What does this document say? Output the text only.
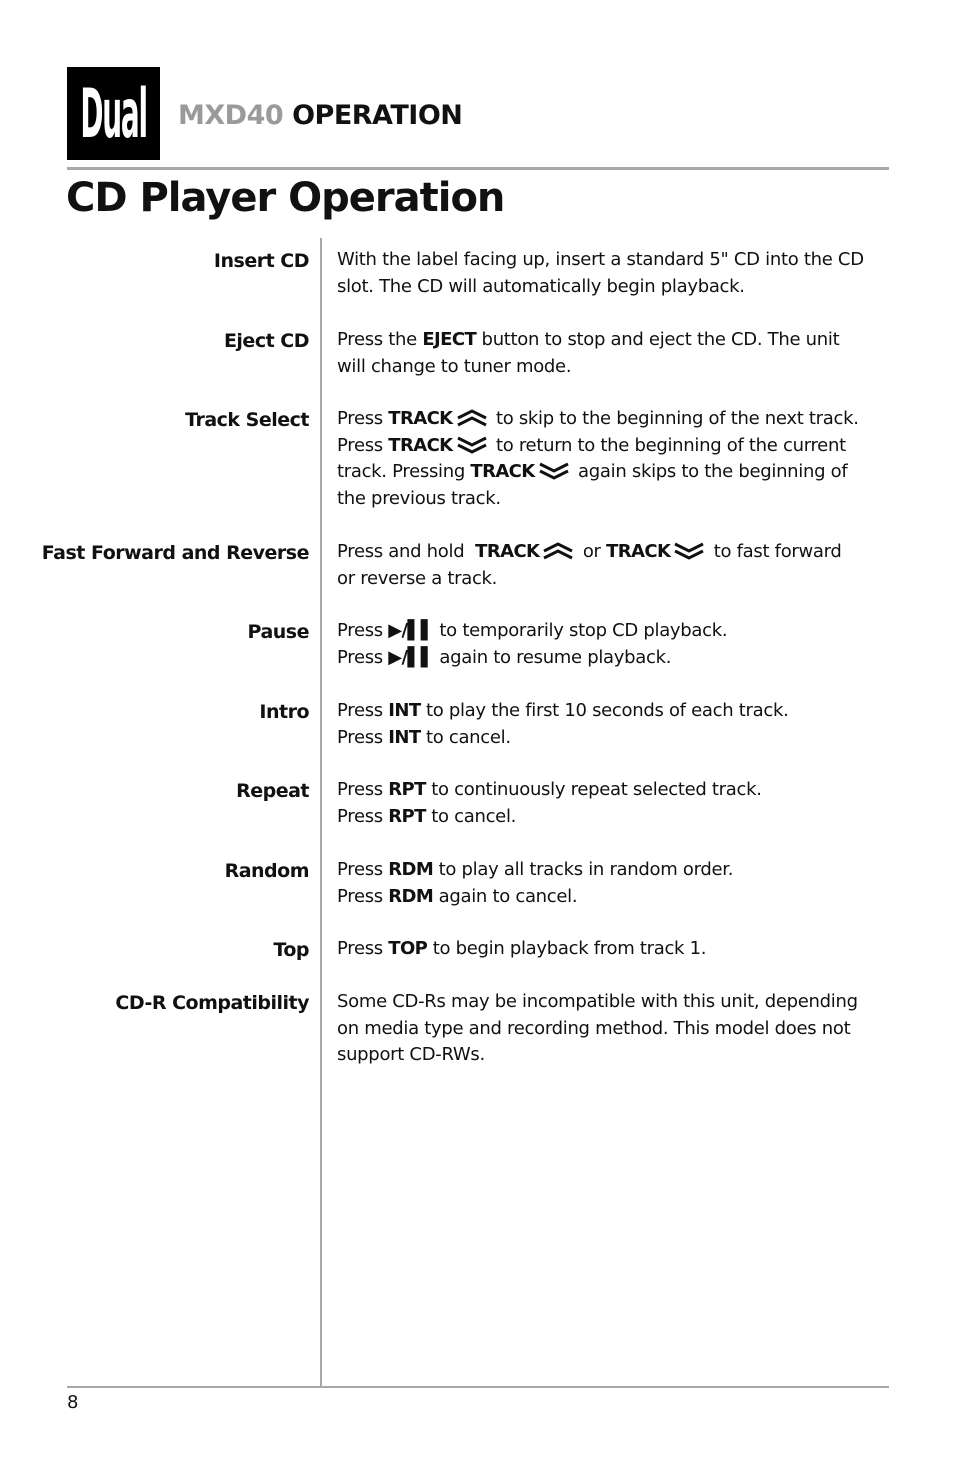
Dual MXD40 OPERATION
CD Player Operation
Insert CD With the label facing up, insert a standard 5" CD into the CD

slot. The CD will automatically begin playback.

Eject CD Press the EJECT button to stop and eject the CD. The unit

will change to tuner mode.

Track Select Press TRACK
to skip to the beginning of the next track.

Press TRACK
to return to the beginning of the current

track. Pressing TRACK
again skips to the beginning of

the previous track.

Fast Forward and Reverse Press and hold  TRACK
or TRACK
to fast forward

or reverse a track.

Pause Press ▶/▌▌ to temporarily stop CD playback.

Press ▶/▌▌ again to resume playback.

Intro Press INT to play the first 10 seconds of each track.

Press INT to cancel.

Repeat Press RPT to continuously repeat selected track.

Press RPT to cancel.

Random Press RDM to play all tracks in random order.

Press RDM again to cancel.

Top Press TOP to begin playback from track 1.

CD-R Compatibility Some CD-Rs may be incompatible with this unit, depending

on media type and recording method. This model does not

support CD-RWs.

8
